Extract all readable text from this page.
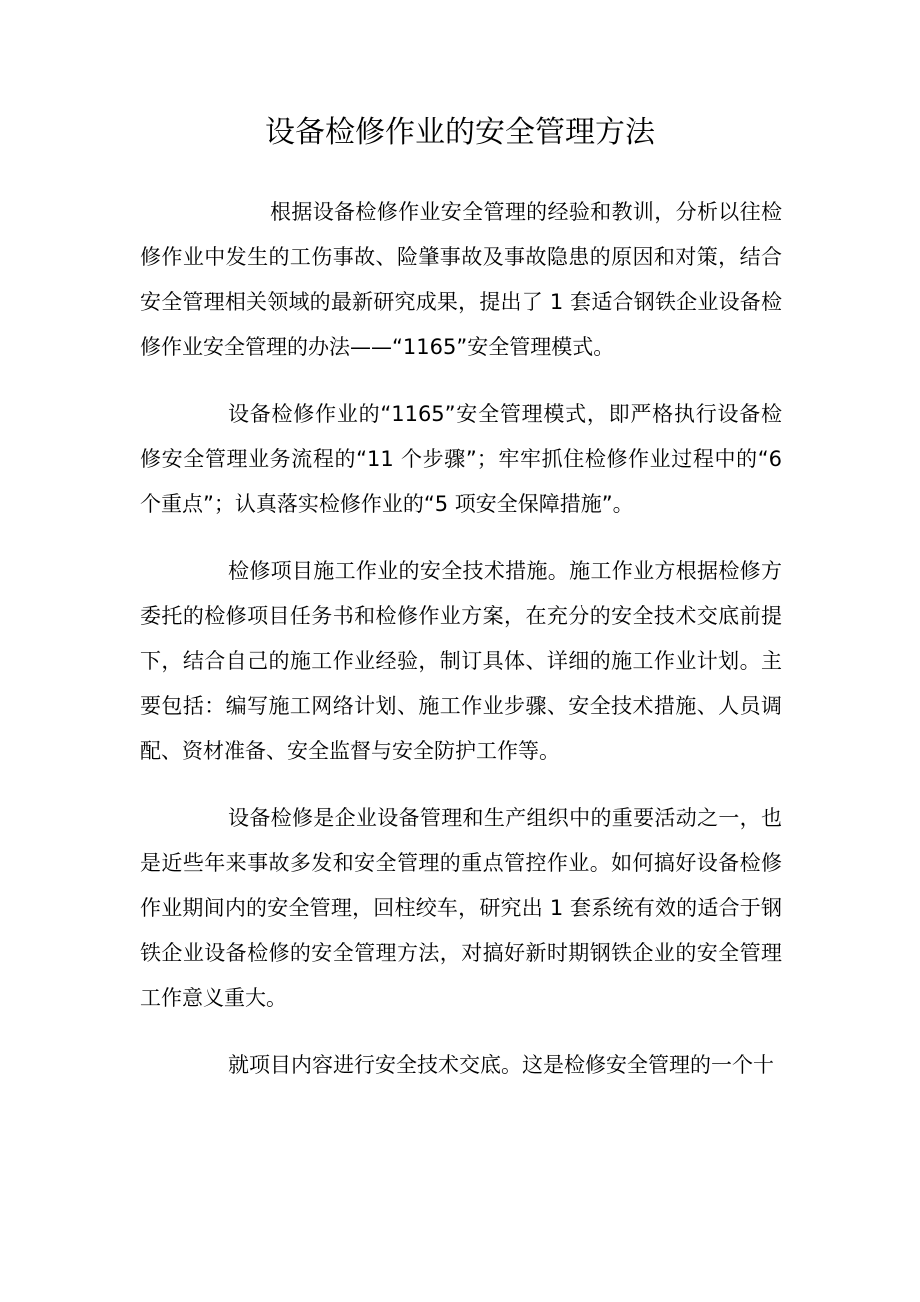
设备检修作业的安全管理方法

根据设备检修作业安全管理的经验和教训，分析以往检修作业中发生的工伤事故、险肇事故及事故隐患的原因和对策，结合安全管理相关领域的最新研究成果，提出了 1 套适合钢铁企业设备检修作业安全管理的办法——“1165”安全管理模式。

设备检修作业的“1165”安全管理模式，即严格执行设备检修安全管理业务流程的“11 个步骤”；牢牢抓住检修作业过程中的“6 个重点”；认真落实检修作业的“5 项安全保障措施”。

检修项目施工作业的安全技术措施。施工作业方根据检修方委托的检修项目任务书和检修作业方案，在充分的安全技术交底前提下，结合自己的施工作业经验，制订具体、详细的施工作业计划。主要包括：编写施工网络计划、施工作业步骤、安全技术措施、人员调配、资材准备、安全监督与安全防护工作等。

设备检修是企业设备管理和生产组织中的重要活动之一，也是近些年来事故多发和安全管理的重点管控作业。如何搞好设备检修作业期间内的安全管理，回柱绞车，研究出 1 套系统有效的适合于钢铁企业设备检修的安全管理方法，对搞好新时期钢铁企业的安全管理工作意义重大。

就项目内容进行安全技术交底。这是检修安全管理的一个十
